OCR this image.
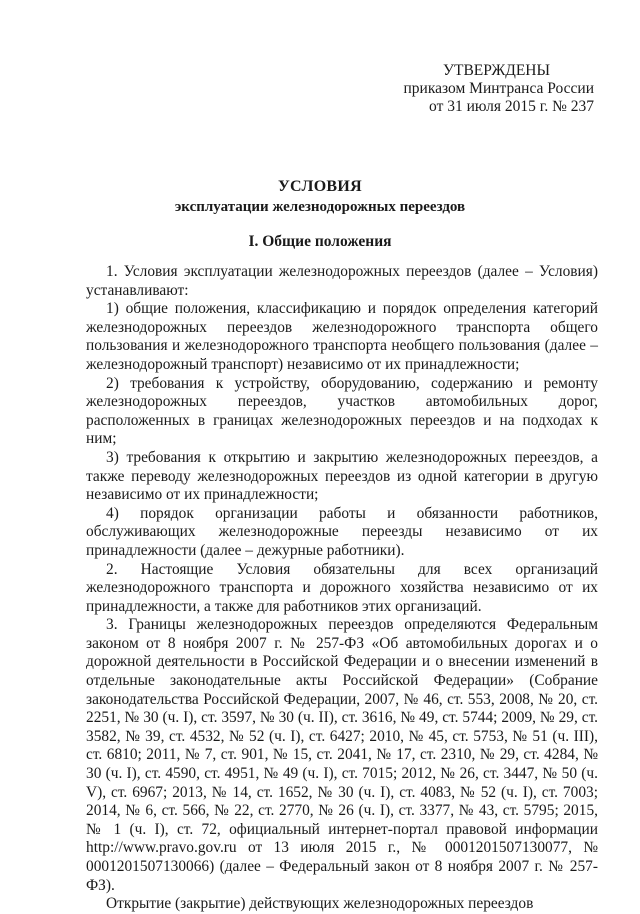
УТВЕРЖДЕНЫ
приказом Минтранса России
от 31 июля 2015 г. № 237
УСЛОВИЯ
эксплуатации железнодорожных переездов
I. Общие положения

1. Условия эксплуатации железнодорожных переездов (далее – Условия) устанавливают:

1) общие положения, классификацию и порядок определения категорий железнодорожных переездов железнодорожного транспорта общего пользования и железнодорожного транспорта необщего пользования (далее – железнодорожный транспорт) независимо от их принадлежности;

2) требования к устройству, оборудованию, содержанию и ремонту железнодорожных переездов, участков автомобильных дорог, расположенных в границах железнодорожных переездов и на подходах к ним;

3) требования к открытию и закрытию железнодорожных переездов, а также переводу железнодорожных переездов из одной категории в другую независимо от их принадлежности;

4) порядок организации работы и обязанности работников, обслуживающих железнодорожные переезды независимо от их принадлежности (далее – дежурные работники).

2. Настоящие Условия обязательны для всех организаций железнодорожного транспорта и дорожного хозяйства независимо от их принадлежности, а также для работников этих организаций.

3. Границы железнодорожных переездов определяются Федеральным законом от 8 ноября 2007 г. № 257-ФЗ «Об автомобильных дорогах и о дорожной деятельности в Российской Федерации и о внесении изменений в отдельные законодательные акты Российской Федерации» (Собрание законодательства Российской Федерации, 2007, № 46, ст. 553, 2008, № 20, ст. 2251, № 30 (ч. I), ст. 3597, № 30 (ч. II), ст. 3616, № 49, ст. 5744; 2009, № 29, ст. 3582, № 39, ст. 4532, № 52 (ч. I), ст. 6427; 2010, № 45, ст. 5753, № 51 (ч. III), ст. 6810; 2011, № 7, ст. 901, № 15, ст. 2041, № 17, ст. 2310, № 29, ст. 4284, № 30 (ч. I), ст. 4590, ст. 4951, № 49 (ч. I), ст. 7015; 2012, № 26, ст. 3447, № 50 (ч. V), ст. 6967; 2013, № 14, ст. 1652, № 30 (ч. I), ст. 4083, № 52 (ч. I), ст. 7003; 2014, № 6, ст. 566, № 22, ст. 2770, № 26 (ч. I), ст. 3377, № 43, ст. 5795; 2015, № 1 (ч. I), ст. 72, официальный интернет-портал правовой информации http://www.pravo.gov.ru от 13 июля 2015 г., № 0001201507130077, № 0001201507130066) (далее – Федеральный закон от 8 ноября 2007 г. № 257-ФЗ).

Открытие (закрытие) действующих железнодорожных переездов
